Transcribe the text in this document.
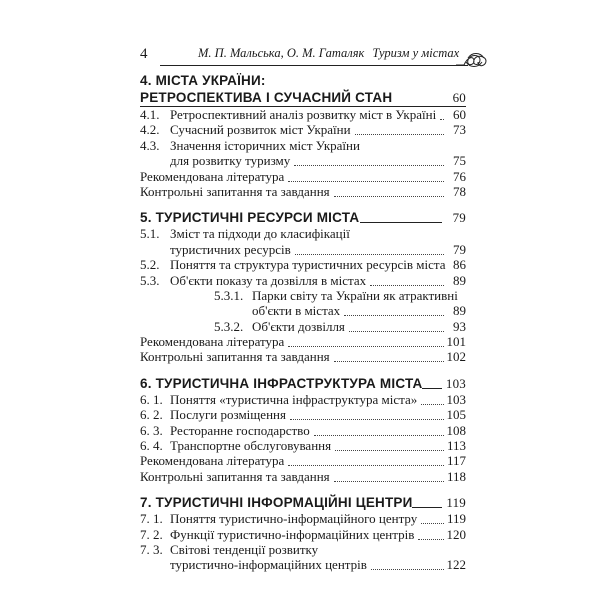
4	М. П. Мальська, О. М. Гаталяк Туризм у містах
4. МІСТА УКРАЇНИ:
РЕТРОСПЕКТИВА І СУЧАСНИЙ СТАН	60
4.1. Ретроспективний аналіз розвитку міст в Україні 60
4.2. Сучасний розвиток міст України	73
4.3. Значення історичних міст України
для розвитку туризму	75
Рекомендована література	76
Контрольні запитання та завдання	78
5. ТУРИСТИЧНІ РЕСУРСИ МІСТА	79
5.1. Зміст та підходи до класифікації
туристичних ресурсів	79
5.2. Поняття та структура туристичних ресурсів міста 86
5.3. Об'єкти показу та дозвілля в містах	89
5.3.1. Парки світу та України як атрактивні
об'єкти в містах	89
5.3.2. Об'єкти дозвілля	93
Рекомендована література	101
Контрольні запитання та завдання	102
6. ТУРИСТИЧНА ІНФРАСТРУКТУРА МІСТА 103
6. 1. Поняття «туристична інфраструктура міста» 103
6. 2. Послуги розміщення	105
6. 3. Ресторанне господарство	108
6. 4. Транспортне обслуговування	113
Рекомендована література	117
Контрольні запитання та завдання	118
7. ТУРИСТИЧНІ ІНФОРМАЦІЙНІ ЦЕНТРИ	119
7. 1. Поняття туристично-інформаційного центру 119
7. 2. Функції туристично-інформаційних центрів 120
7. 3. Світові тенденції розвитку
туристично-інформаційних центрів	122
